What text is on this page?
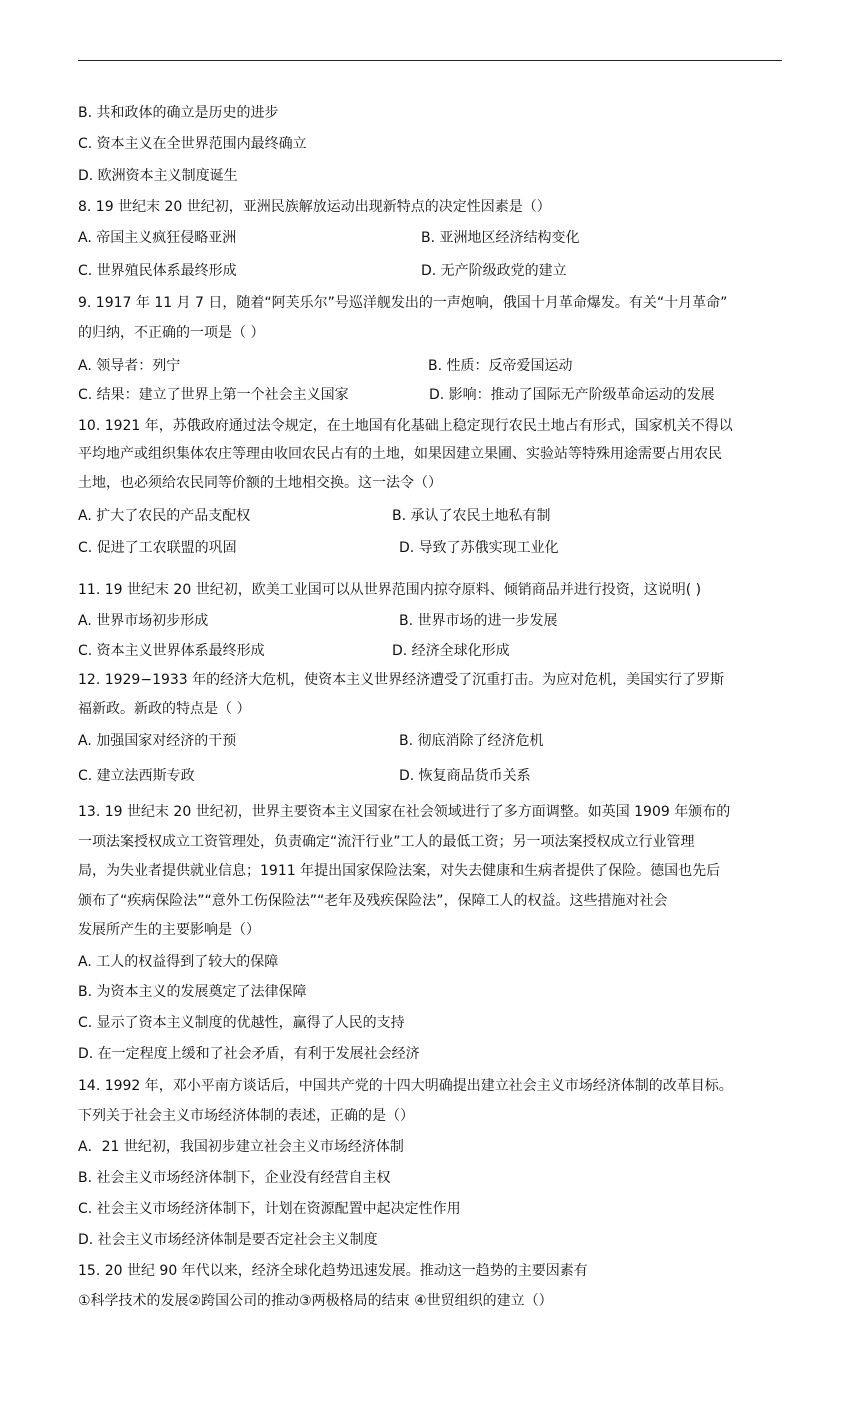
B. 共和政体的确立是历史的进步
C. 资本主义在全世界范围内最终确立
D. 欧洲资本主义制度诞生
8. 19 世纪末 20 世纪初，亚洲民族解放运动出现新特点的决定性因素是（）
A. 帝国主义疯狂侵略亚洲	B. 亚洲地区经济结构变化
C. 世界殖民体系最终形成	D. 无产阶级政党的建立
9. 1917 年 11 月 7 日，随着“阿芙乐尔”号巡洋舰发出的一声炮响，俄国十月革命爆发。有关“十月革命”
的归纳，不正确的一项是（ ）
A. 领导者：列宁	B. 性质：反帝爱国运动
C. 结果：建立了世界上第一个社会主义国家	D. 影响：推动了国际无产阶级革命运动的发展
10. 1921 年，苏俄政府通过法令规定，在土地国有化基础上稳定现行农民土地占有形式，国家机关不得以
平均地产或组织集体农庄等理由收回农民占有的土地，如果因建立果圃、实验站等特殊用途需要占用农民
土地，也必须给农民同等价额的土地相交换。这一法令（）
A. 扩大了农民的产品支配权	B. 承认了农民土地私有制
C. 促进了工农联盟的巩固	D. 导致了苏俄实现工业化
11. 19 世纪末 20 世纪初，欧美工业国可以从世界范围内掠夺原料、倾销商品并进行投资，这说明( )
A. 世界市场初步形成	B. 世界市场的进一步发展
C. 资本主义世界体系最终形成	D. 经济全球化形成
12. 1929−1933 年的经济大危机，使资本主义世界经济遭受了沉重打击。为应对危机，美国实行了罗斯
福新政。新政的特点是（ ）
A. 加强国家对经济的干预	B. 彻底消除了经济危机
C. 建立法西斯专政	D. 恢复商品货币关系
13. 19 世纪末 20 世纪初，世界主要资本主义国家在社会领域进行了多方面调整。如英国 1909 年颁布的
一项法案授权成立工资管理处，负责确定“流汗行业”工人的最低工资；另一项法案授权成立行业管理
局，为失业者提供就业信息；1911 年提出国家保险法案，对失去健康和生病者提供了保险。德国也先后
颁布了“疾病保险法”“意外工伤保险法”“老年及残疾保险法”，保障工人的权益。这些措施对社会
发展所产生的主要影响是（）
A. 工人的权益得到了较大的保障
B. 为资本主义的发展奠定了法律保障
C. 显示了资本主义制度的优越性，赢得了人民的支持
D. 在一定程度上缓和了社会矛盾，有利于发展社会经济
14. 1992 年，邓小平南方谈话后，中国共产党的十四大明确提出建立社会主义市场经济体制的改革目标。
下列关于社会主义市场经济体制的表述，正确的是（）
A．21 世纪初，我国初步建立社会主义市场经济体制
B. 社会主义市场经济体制下，企业没有经营自主权
C. 社会主义市场经济体制下，计划在资源配置中起决定性作用
D. 社会主义市场经济体制是要否定社会主义制度
15. 20 世纪 90 年代以来，经济全球化趋势迅速发展。推动这一趋势的主要因素有
①科学技术的发展②跨国公司的推动③两极格局的结束 ④世贸组织的建立（）
